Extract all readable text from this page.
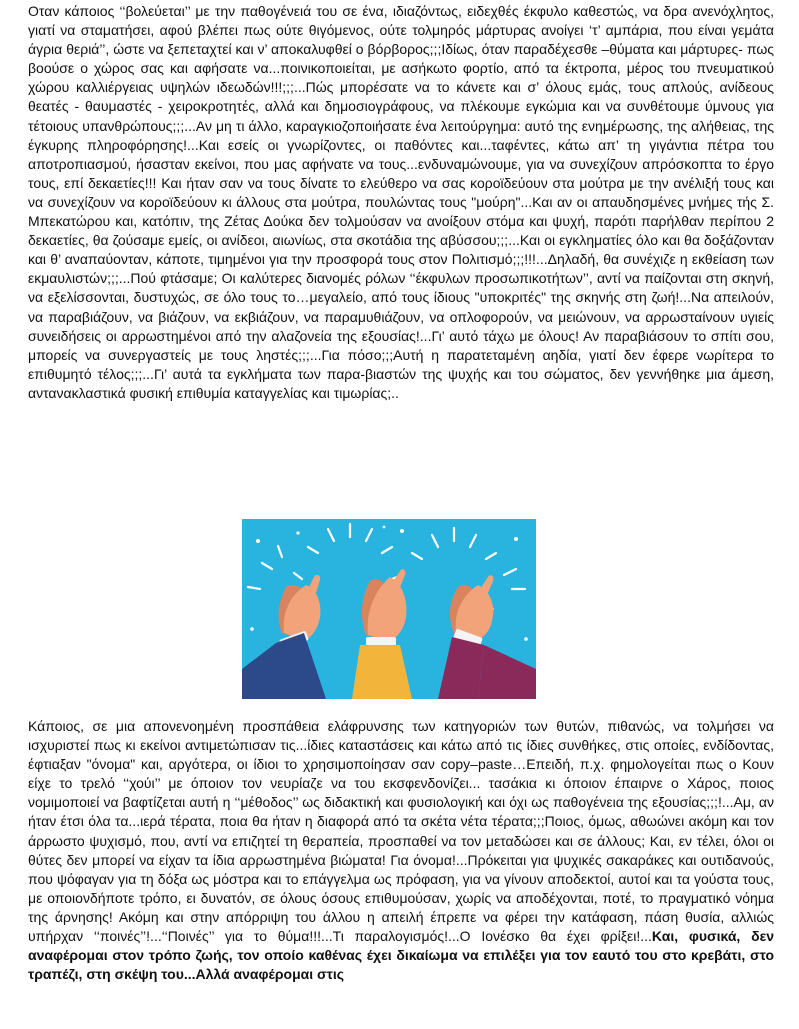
Οταν κάποιος ‘‘βολεύεται’’ με την παθογένειά του σε ένα, ιδιαζόντως, ειδεχθές έκφυλο καθεστώς, να δρα ανενόχλητος, γιατί να σταματήσει, αφού βλέπει πως ούτε θιγόμενος, ούτε τολμηρός μάρτυρας ανοίγει ‘τ’ αμπάρια, που είναι γεμάτα άγρια θεριά’’, ώστε να ξεπεταχτεί και ν’ αποκαλυφθεί ο βόρβορος;;;Ιδίως, όταν παραδέχεσθε –θύματα και μάρτυρες- πως βοούσε ο χώρος σας και αφήσατε να...ποινικοποιείται, με ασήκωτο φορτίο, από τα έκτροπα, μέρος του πνευματικού χώρου καλλιέργειας υψηλών ιδεωδών!!!;;;...Πώς μπορέσατε να το κάνετε και σ’ όλους εμάς, τους απλούς, ανίδεους θεατές - θαυμαστές - χειροκροτητές, αλλά και δημοσιογράφους, να πλέκουμε εγκώμια και να συνθέτουμε ύμνους για τέτοιους υπανθρώπους;;;...Αν μη τι άλλο, καραγκιοζοποιήσατε ένα λειτούργημα: αυτό της ενημέρωσης, της αλήθειας, της έγκυρης πληροφόρησης!...Και εσείς οι γνωρίζοντες, οι παθόντες και...ταφέντες, κάτω απ’ τη γιγάντια πέτρα του αποτροπιασμού, ήσασταν εκείνοι, που μας αφήνατε να τους...ενδυναμώνουμε, για να συνεχίζουν απρόσκοπτα το έργο τους, επί δεκαετίες!!! Και ήταν σαν να τους δίνατε το ελεύθερο να σας κοροϊδεύουν στα μούτρα με την ανέλιξή τους και να συνεχίζουν να κοροϊδεύουν κι άλλους στα μούτρα, πουλώντας τους "μούρη"...Και αν οι απαυδησμένες μνήμες τής Σ. Μπεκατώρου και, κατόπιν, της Ζέτας Δούκα δεν τολμούσαν να ανοίξουν στόμα και ψυχή, παρότι παρήλθαν περίπου 2 δεκαετίες, θα ζούσαμε εμείς, οι ανίδεοι, αιωνίως, στα σκοτάδια της αβύσσου;;;...Και οι εγκληματίες όλο και θα δοξάζονταν και θ’ αναπαύονταν, κάποτε, τιμημένοι για την προσφορά τους στον Πολιτισμό;;;!!!...Δηλαδή, θα συνέχιζε η εκθείαση των εκμαυλιστών;;;...Πού φτάσαμε; Οι καλύτερες διανομές ρόλων ‘‘έκφυλων προσωπικοτήτων’’, αντί να παίζονται στη σκηνή, να εξελίσσονται, δυστυχώς, σε όλο τους το…μεγαλείο, από τους ίδιους "υποκριτές" της σκηνής στη ζωή!...Να απειλούν, να παραβιάζουν, να βιάζουν, να εκβιάζουν, να παραμυθιάζουν, να οπλοφορούν, να μειώνουν, να αρρωσταίνουν υγιείς συνειδήσεις οι αρρωστημένοι από την αλαζονεία της εξουσίας!...Γι’ αυτό τάχω με όλους! Αν παραβιάσουν το σπίτι σου, μπορείς να συνεργαστείς με τους ληστές;;;...Για πόσο;;;Αυτή η παρατεταμένη αηδία, γιατί δεν έφερε νωρίτερα το επιθυμητό τέλος;;;...Γι’ αυτά τα εγκλήματα των παρα-βιαστών της ψυχής και του σώματος, δεν γεννήθηκε μια άμεση, αντανακλαστικά φυσική επιθυμία καταγγελίας και τιμωρίας;..

Κάποιος, σε μια απονενοημένη προσπάθεια ελάφρυνσης των κατηγοριών των θυτών, πιθανώς, να τολμήσει να ισχυριστεί πως κι εκείνοι αντιμετώπισαν τις...ίδιες καταστάσεις και κάτω από τις ίδιες συνθήκες, στις οποίες, ενδίδοντας, έφτιαξαν "όνομα" και, αργότερα, οι ίδιοι το χρησιμοποίησαν σαν copy–paste…Επειδή, π.χ. φημολογείται πως ο Κουν είχε το τρελό ‘‘χούι’’ με όποιον τον νευρίαζε να του εκσφενδονίζει... τασάκια κι όποιον έπαιρνε ο Χάρος, ποιος νομιμοποιεί να βαφτίζεται αυτή η ‘‘μέθοδος’’ ως διδακτική και φυσιολογική και όχι ως παθογένεια της εξουσίας;;;!...Αμ, αν ήταν έτσι όλα τα...ιερά τέρατα, ποια θα ήταν η διαφορά από τα σκέτα νέτα τέρατα;;;Ποιος, όμως, αθωώνει ακόμη και τον άρρωστο ψυχισμό, που, αντί να επιζητεί τη θεραπεία, προσπαθεί να τον μεταδώσει και σε άλλους; Και, εν τέλει, όλοι οι θύτες δεν μπορεί να είχαν τα ίδια αρρωστημένα βιώματα! Για όνομα!...Πρόκειται για ψυχικές σακαράκες και ουτιδανούς, που ψόφαγαν για τη δόξα ως μόστρα και το επάγγελμα ως πρόφαση, για να γίνουν αποδεκτοί, αυτοί και τα γούστα τους, με οποιονδήποτε τρόπο, ει δυνατόν, σε όλους όσους επιθυμούσαν, χωρίς να αποδέχονται, ποτέ, το πραγματικό νόημα της άρνησης! Ακόμη και στην απόρριψη του άλλου η απειλή έπρεπε να φέρει την κατάφαση, πάση θυσία, αλλιώς υπήρχαν ‘‘ποινές’’!...‘‘Ποινές’’ για το θύμα!!!...Τι παραλογισμός!...Ο Ιονέσκο θα έχει φρίξει!...Και, φυσικά, δεν αναφέρομαι στον τρόπο ζωής, τον οποίο καθένας έχει δικαίωμα να επιλέξει για τον εαυτό του στο κρεβάτι, στο τραπέζι, στη σκέψη του...Αλλά αναφέρομαι στις
